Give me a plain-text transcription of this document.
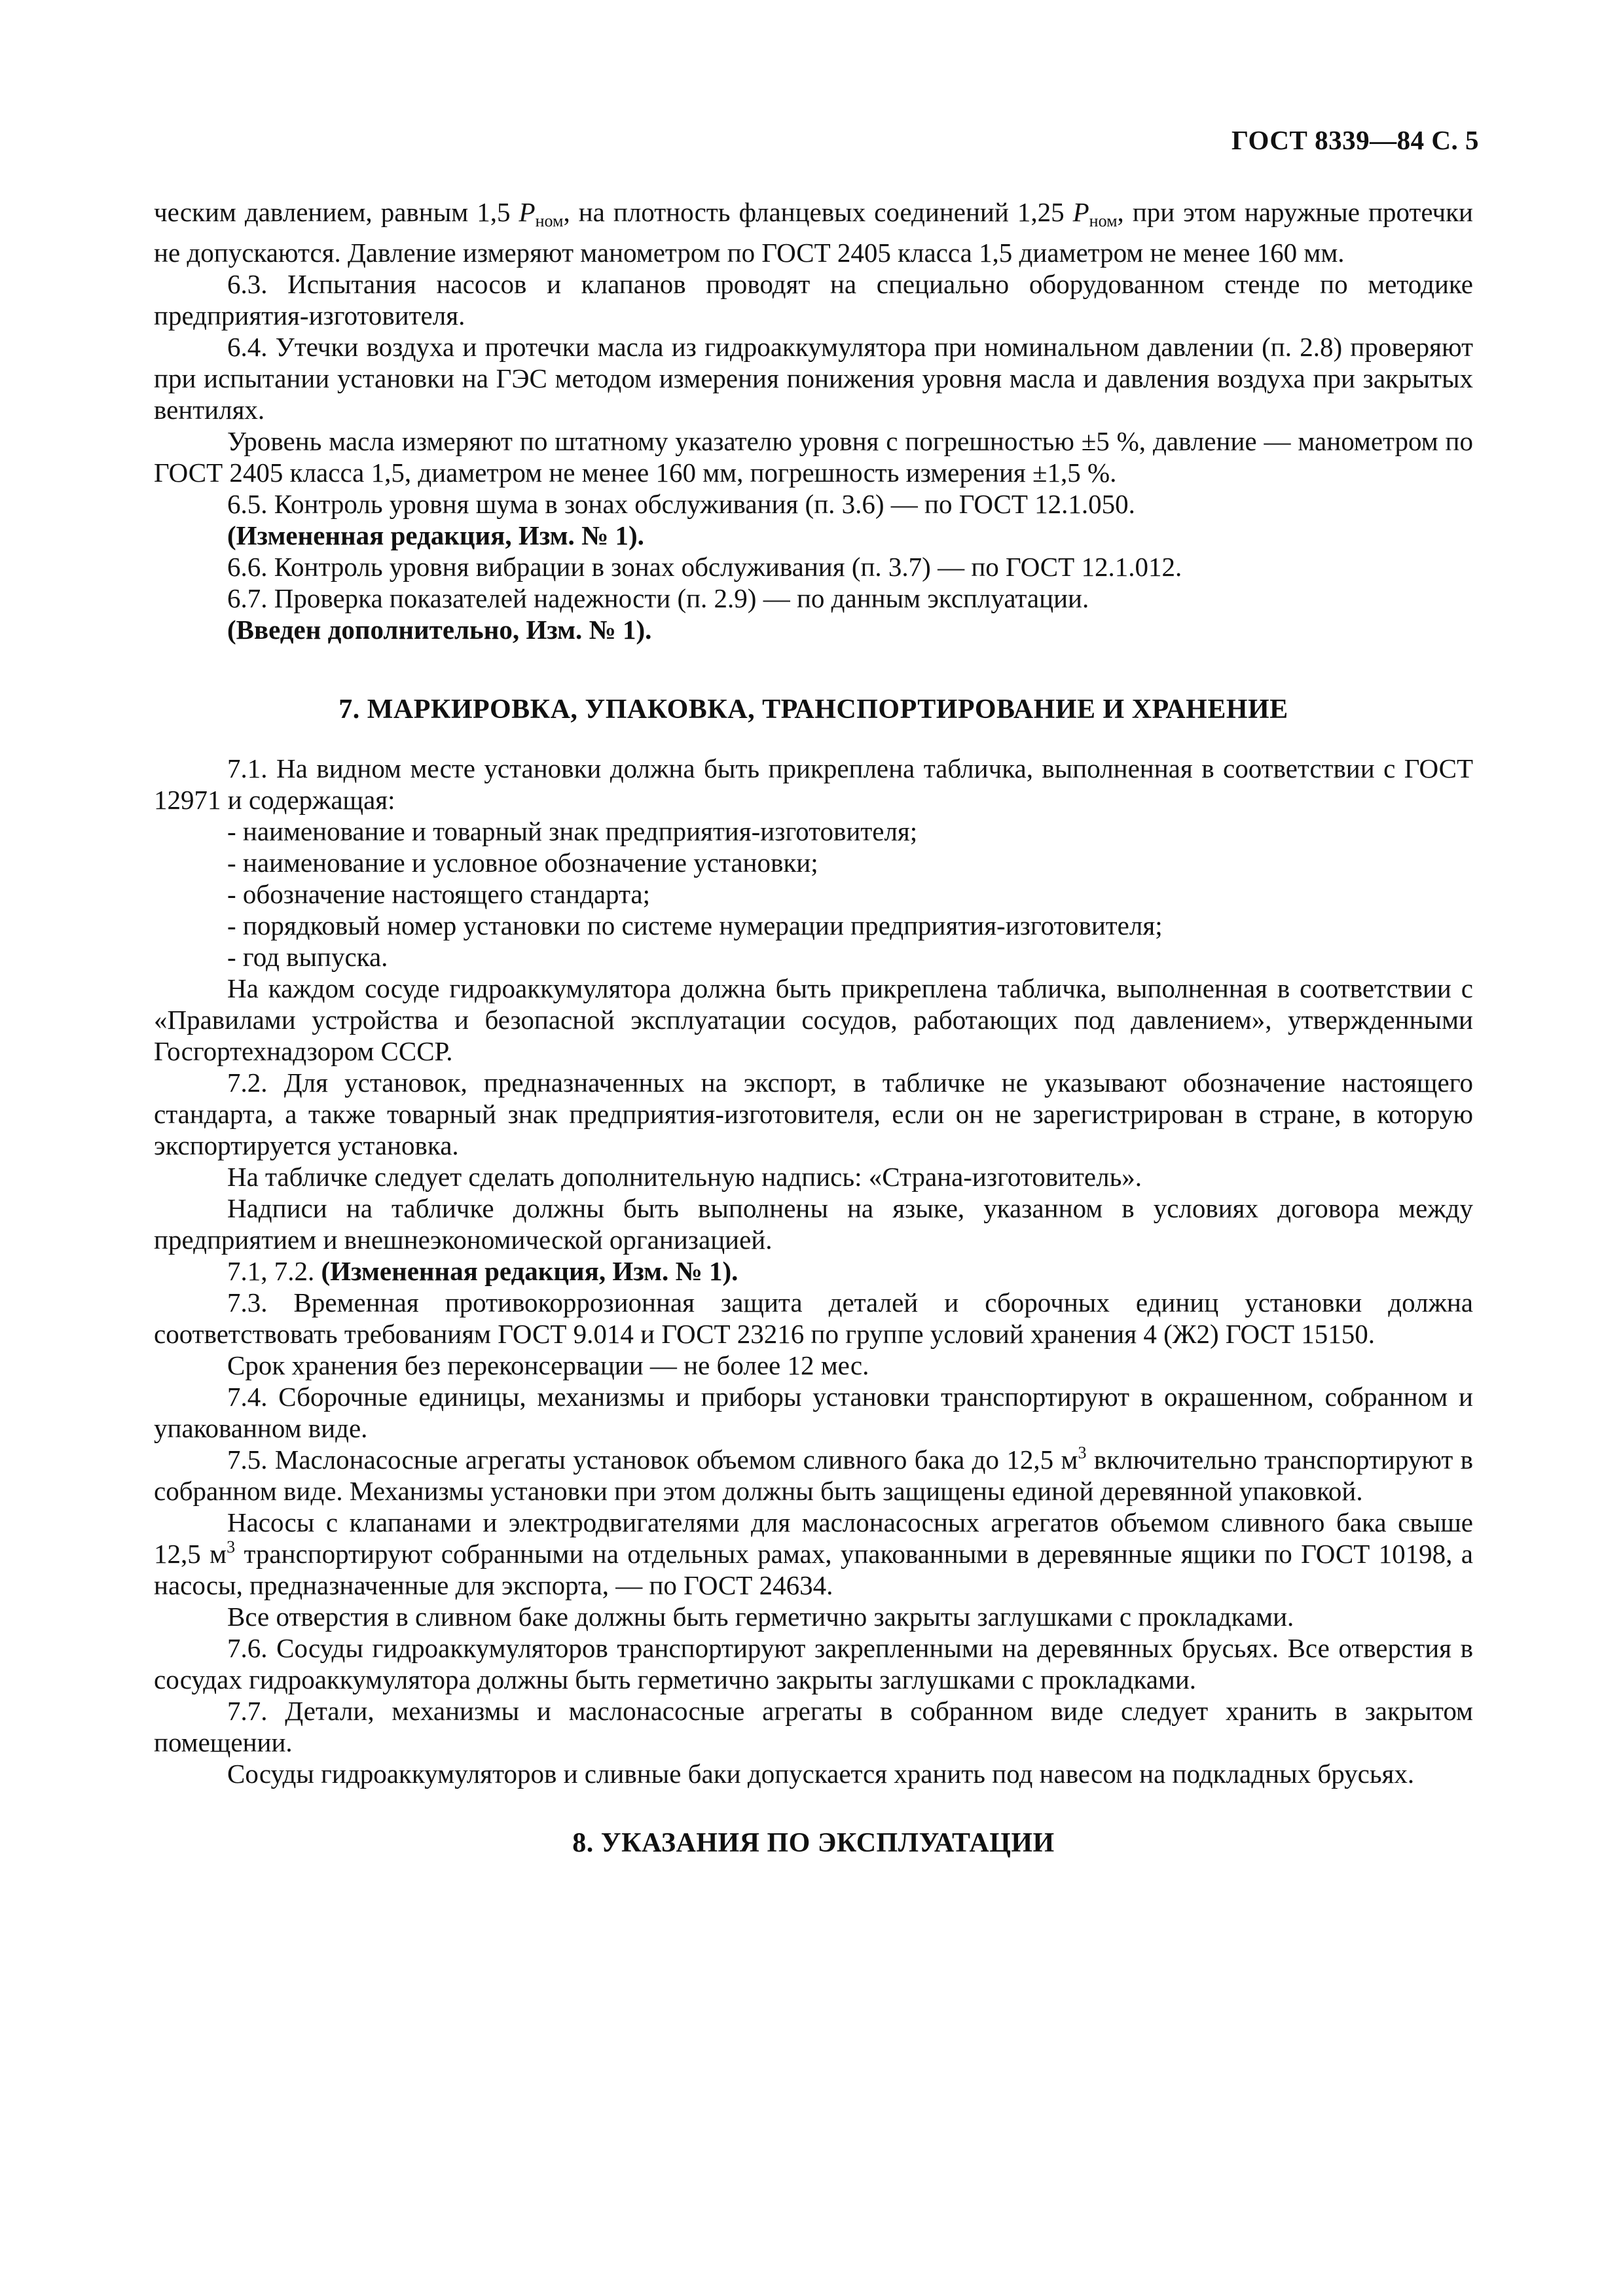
ГОСТ 8339—84 С. 5

ческим давлением, равным 1,5 $P_{ном}$, на плотность фланцевых соединений 1,25 $P_{ном}$, при этом наружные протечки не допускаются. Давление измеряют манометром по ГОСТ 2405 класса 1,5 диаметром не менее 160 мм.

6.3. Испытания насосов и клапанов проводят на специально оборудованном стенде по методике предприятия-изготовителя.

6.4. Утечки воздуха и протечки масла из гидроаккумулятора при номинальном давлении (п. 2.8) проверяют при испытании установки на ГЭС методом измерения понижения уровня масла и давления воздуха при закрытых вентилях.

Уровень масла измеряют по штатному указателю уровня с погрешностью ±5 %, давление — манометром по ГОСТ 2405 класса 1,5, диаметром не менее 160 мм, погрешность измерения ±1,5 %.

6.5. Контроль уровня шума в зонах обслуживания (п. 3.6) — по ГОСТ 12.1.050.

(Измененная редакция, Изм. № 1).

6.6. Контроль уровня вибрации в зонах обслуживания (п. 3.7) — по ГОСТ 12.1.012.

6.7. Проверка показателей надежности (п. 2.9) — по данным эксплуатации.

(Введен дополнительно, Изм. № 1).

7. МАРКИРОВКА, УПАКОВКА, ТРАНСПОРТИРОВАНИЕ И ХРАНЕНИЕ

7.1. На видном месте установки должна быть прикреплена табличка, выполненная в соответствии с ГОСТ 12971 и содержащая:

- наименование и товарный знак предприятия-изготовителя;

- наименование и условное обозначение установки;

- обозначение настоящего стандарта;

- порядковый номер установки по системе нумерации предприятия-изготовителя;

- год выпуска.

На каждом сосуде гидроаккумулятора должна быть прикреплена табличка, выполненная в соответствии с «Правилами устройства и безопасной эксплуатации сосудов, работающих под давлением», утвержденными Госгортехнадзором СССР.

7.2. Для установок, предназначенных на экспорт, в табличке не указывают обозначение настоящего стандарта, а также товарный знак предприятия-изготовителя, если он не зарегистрирован в стране, в которую экспортируется установка.

На табличке следует сделать дополнительную надпись: «Страна-изготовитель».

Надписи на табличке должны быть выполнены на языке, указанном в условиях договора между предприятием и внешнеэкономической организацией.

7.1, 7.2. (Измененная редакция, Изм. № 1).

7.3. Временная противокоррозионная защита деталей и сборочных единиц установки должна соответствовать требованиям ГОСТ 9.014 и ГОСТ 23216 по группе условий хранения 4 (Ж2) ГОСТ 15150.

Срок хранения без переконсервации — не более 12 мес.

7.4. Сборочные единицы, механизмы и приборы установки транспортируют в окрашенном, собранном и упакованном виде.

7.5. Маслонасосные агрегаты установок объемом сливного бака до 12,5 $м^3$ включительно транспортируют в собранном виде. Механизмы установки при этом должны быть защищены единой деревянной упаковкой.

Насосы с клапанами и электродвигателями для маслонасосных агрегатов объемом сливного бака свыше 12,5 $м^3$ транспортируют собранными на отдельных рамах, упакованными в деревянные ящики по ГОСТ 10198, а насосы, предназначенные для экспорта, — по ГОСТ 24634.

Все отверстия в сливном баке должны быть герметично закрыты заглушками с прокладками.

7.6. Сосуды гидроаккумуляторов транспортируют закрепленными на деревянных брусьях. Все отверстия в сосудах гидроаккумулятора должны быть герметично закрыты заглушками с прокладками.

7.7. Детали, механизмы и маслонасосные агрегаты в собранном виде следует хранить в закрытом помещении.

Сосуды гидроаккумуляторов и сливные баки допускается хранить под навесом на подкладных брусьях.

8. УКАЗАНИЯ ПО ЭКСПЛУАТАЦИИ
